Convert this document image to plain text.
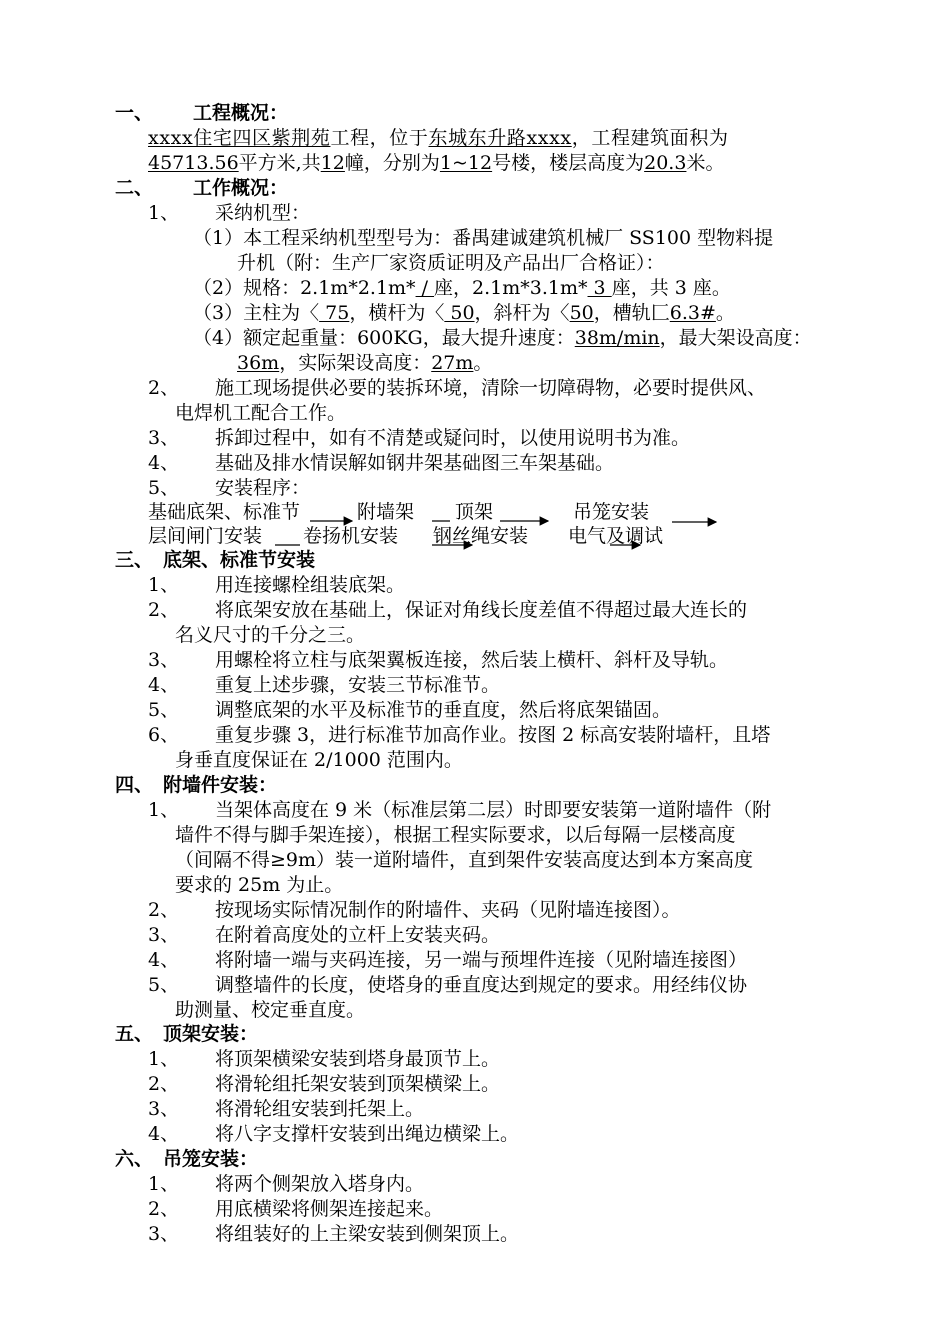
一、 工程概况：
xxxx住宅四区紫荆苑工程，位于东城东升路xxxx，工程建筑面积为
45713.56平方米,共12幢，分别为1~12号楼，楼层高度为20.3米。
二、 工作概况：
1、 采纳机型：
（1）本工程采纳机型型号为：番禺建诚建筑机械厂 SS100 型物料提
升机（附：生产厂家资质证明及产品出厂合格证）：
（2）规格：2.1m*2.1m* / 座，2.1m*3.1m* 3 座，共 3 座。
（3）主柱为〈 75，横杆为〈 50，斜杆为〈50，槽轨匚6.3#。
（4）额定起重量：600KG，最大提升速度：38m/min，最大架设高度：
36m，实际架设高度：27m。
2、 施工现场提供必要的装拆环境，清除一切障碍物，必要时提供风、
电焊机工配合工作。
3、 拆卸过程中，如有不清楚或疑问时，以使用说明书为准。
4、 基础及排水情误解如钢井架基础图三车架基础。
5、 安装程序：
基础底架、标准节	附墙架 顶架	吊笼安装
层间闸门安装 卷扬机安装 钢丝绳安装 电气及调试
三、 底架、标准节安装
1、 用连接螺栓组装底架。
2、 将底架安放在基础上，保证对角线长度差值不得超过最大连长的
名义尺寸的千分之三。
3、 用螺栓将立柱与底架翼板连接，然后装上横杆、斜杆及导轨。
4、 重复上述步骤，安装三节标准节。
5、 调整底架的水平及标准节的垂直度，然后将底架锚固。
6、 重复步骤 3，进行标准节加高作业。按图 2 标高安装附墙杆，且塔
身垂直度保证在 2/1000 范围内。
四、 附墙件安装：
1、 当架体高度在 9 米（标准层第二层）时即要安装第一道附墙件（附
墙件不得与脚手架连接），根据工程实际要求，以后每隔一层楼高度
（间隔不得≥9m）装一道附墙件，直到架件安装高度达到本方案高度
要求的 25m 为止。
2、 按现场实际情况制作的附墙件、夹码（见附墙连接图）。
3、 在附着高度处的立杆上安装夹码。
4、 将附墙一端与夹码连接，另一端与预埋件连接（见附墙连接图）
5、 调整墙件的长度，使塔身的垂直度达到规定的要求。用经纬仪协
助测量、校定垂直度。
五、 顶架安装：
1、 将顶架横梁安装到塔身最顶节上。
2、 将滑轮组托架安装到顶架横梁上。
3、 将滑轮组安装到托架上。
4、 将八字支撑杆安装到出绳边横梁上。
六、 吊笼安装：
1、 将两个侧架放入塔身内。
2、 用底横梁将侧架连接起来。
3、 将组装好的上主梁安装到侧架顶上。
